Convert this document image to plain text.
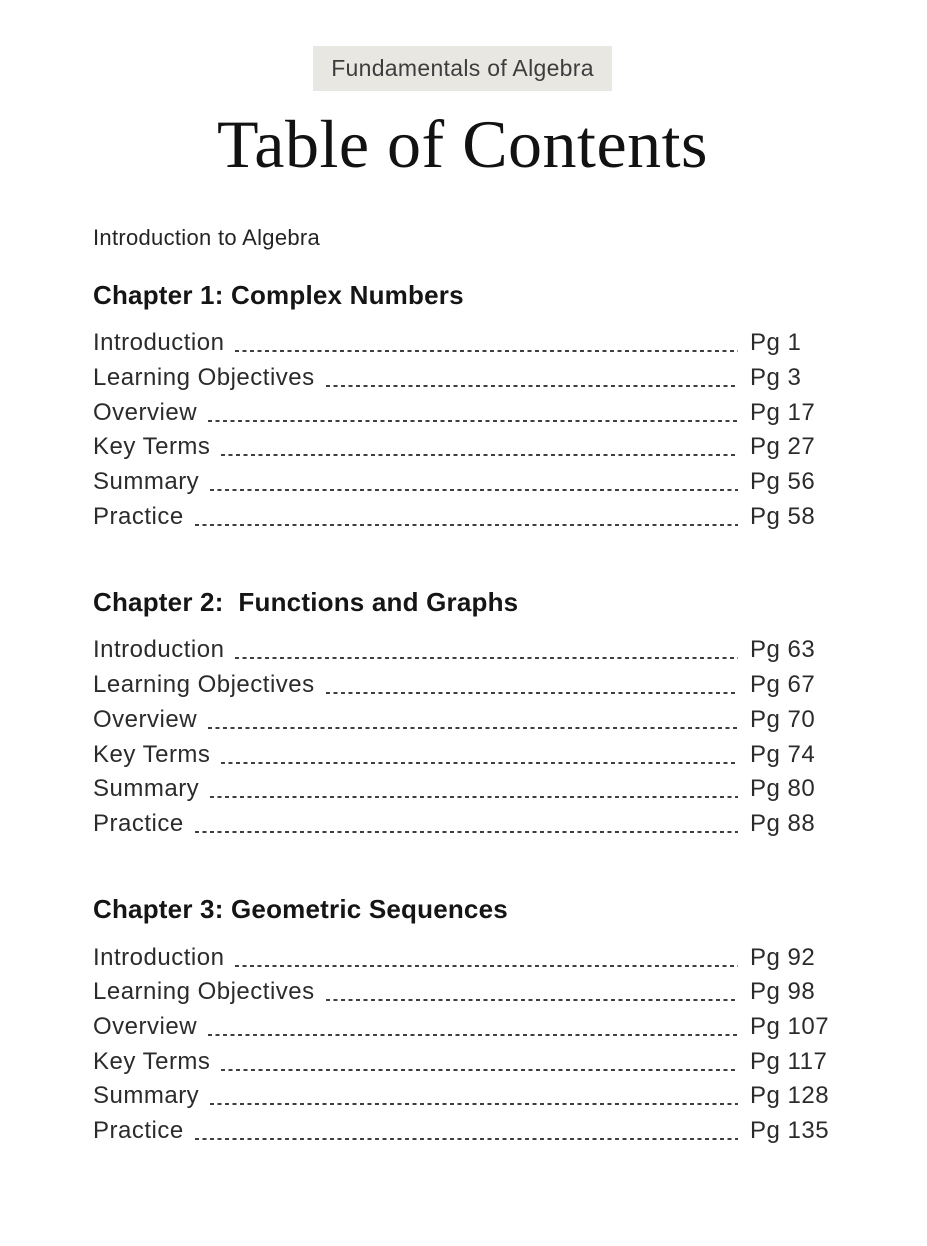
Fundamentals of Algebra
Table of Contents
Introduction to Algebra
Chapter 1: Complex Numbers
Introduction	Pg 1
Learning Objectives	Pg 3
Overview	Pg 17
Key Terms	Pg 27
Summary	Pg 56
Practice	Pg 58
Chapter 2:  Functions and Graphs
Introduction	Pg 63
Learning Objectives	Pg 67
Overview	Pg 70
Key Terms	Pg 74
Summary	Pg 80
Practice	Pg 88
Chapter 3: Geometric Sequences
Introduction	Pg 92
Learning Objectives	Pg 98
Overview	Pg 107
Key Terms	Pg 117
Summary	Pg 128
Practice	Pg 135
